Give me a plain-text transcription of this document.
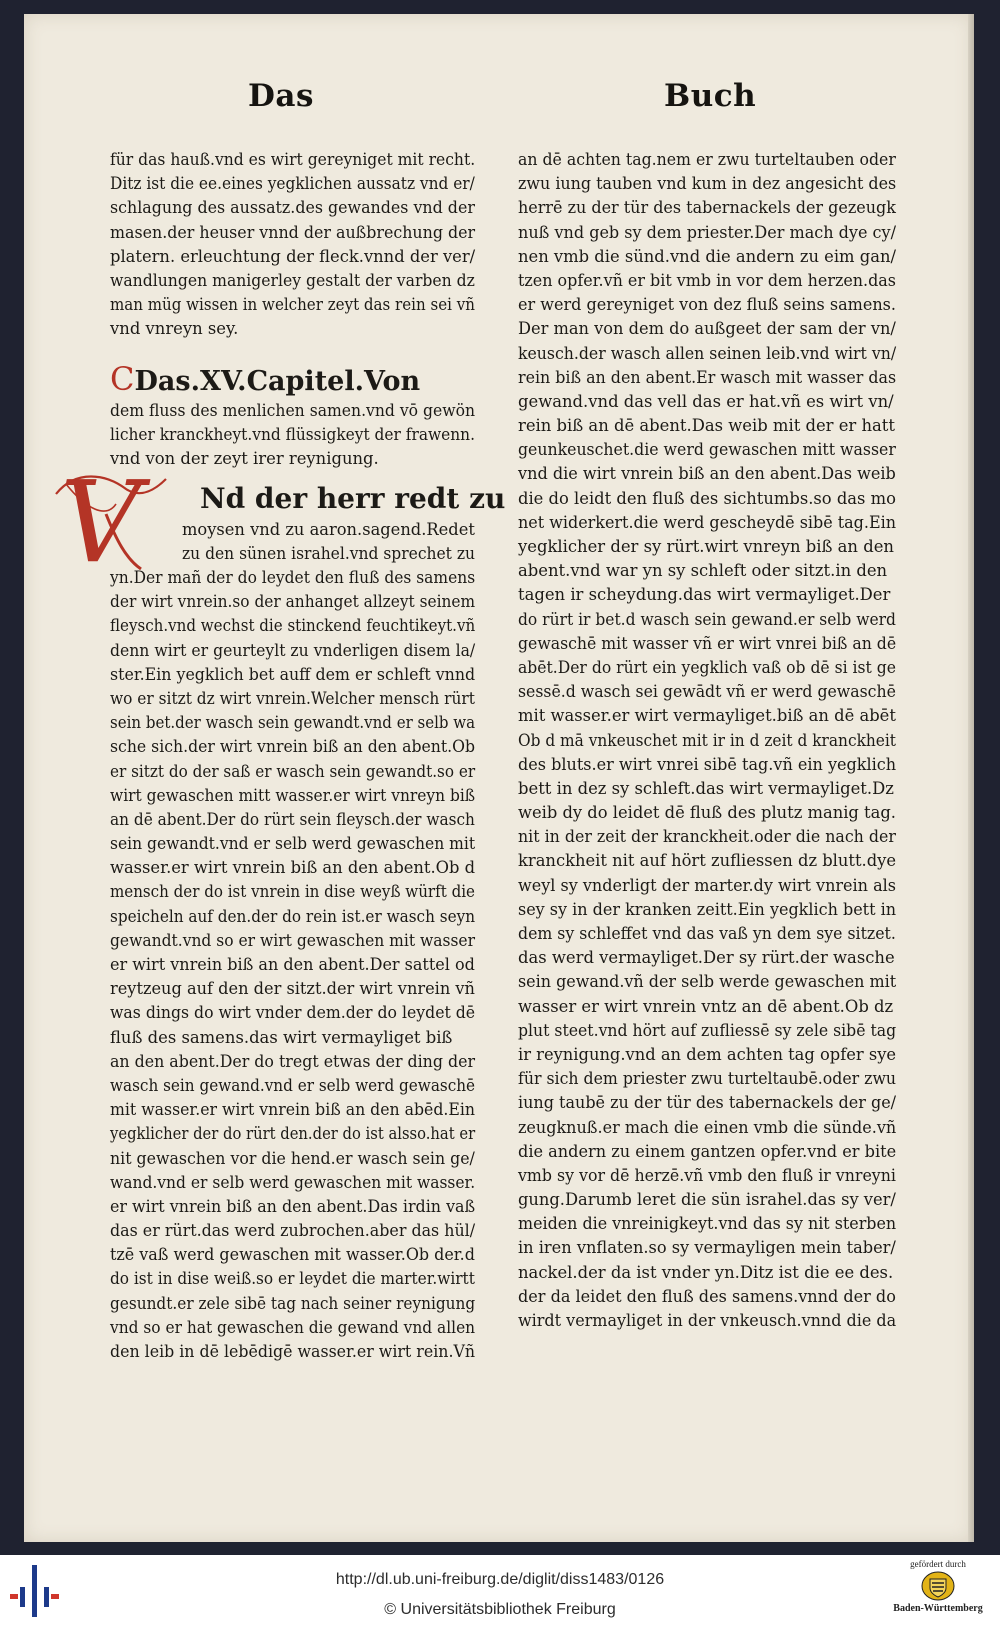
Das	Buch
für das hauß.vnd es wirt gereyniget mit recht.
Ditz ist die ee.eines yegklichen aussatz vnd er/
schlagung des aussatz.des gewandes vnd der
masen.der heuser vnnd der außbrechung der
platern. erleuchtung der fleck.vnnd der ver/
wandlungen manigerley gestalt der varben dz
man müg wissen in welcher zeyt das rein sei vñ
vnd vnreyn sey.
CDas.XV.Capitel.Von
dem fluss des menlichen samen.vnd vō gewön
licher kranckheyt.vnd flüssigkeyt der frawenn.
vnd von der zeyt irer reynigung.
V Nd der herr redt zu
moysen vnd zu aaron.sagend.Redet
zu den sünen israhel.vnd sprechet zu
yn.Der mañ der do leydet den fluß des samens
der wirt vnrein.so der anhanget allzeyt seinem
fleysch.vnd wechst die stinckend feuchtikeyt.vñ
denn wirt er geurteylt zu vnderligen disem la/
ster.Ein yegklich bet auff dem er schleft vnnd
wo er sitzt dz wirt vnrein.Welcher mensch rürt
sein bet.der wasch sein gewandt.vnd er selb wa
sche sich.der wirt vnrein biß an den abent.Ob
er sitzt do der saß er wasch sein gewandt.so er
wirt gewaschen mitt wasser.er wirt vnreyn biß
an dē abent.Der do rürt sein fleysch.der wasch
sein gewandt.vnd er selb werd gewaschen mit
wasser.er wirt vnrein biß an den abent.Ob d
mensch der do ist vnrein in dise weyß würft die
speicheln auf den.der do rein ist.er wasch seyn
gewandt.vnd so er wirt gewaschen mit wasser
er wirt vnrein biß an den abent.Der sattel od
reytzeug auf den der sitzt.der wirt vnrein vñ
was dings do wirt vnder dem.der do leydet dē
fluß des samens.das wirt vermayliget biß
an den abent.Der do tregt etwas der ding der
wasch sein gewand.vnd er selb werd gewaschē
mit wasser.er wirt vnrein biß an den abēd.Ein
yegklicher der do rürt den.der do ist alsso.hat er
nit gewaschen vor die hend.er wasch sein ge/
wand.vnd er selb werd gewaschen mit wasser.
er wirt vnrein biß an den abent.Das irdin vaß
das er rürt.das werd zubrochen.aber das hül/
tzē vaß werd gewaschen mit wasser.Ob der.d
do ist in dise weiß.so er leydet die marter.wirtt
gesundt.er zele sibē tag nach seiner reynigung
vnd so er hat gewaschen die gewand vnd allen
den leib in dē lebēdigē wasser.er wirt rein.Vñ
an dē achten tag.nem er zwu turteltauben oder
zwu iung tauben vnd kum in dez angesicht des
herrē zu der tür des tabernackels der gezeugk
nuß vnd geb sy dem priester.Der mach dye cy/
nen vmb die sünd.vnd die andern zu eim gan/
tzen opfer.vñ er bit vmb in vor dem herzen.das
er werd gereyniget von dez fluß seins samens.
Der man von dem do außgeet der sam der vn/
keusch.der wasch allen seinen leib.vnd wirt vn/
rein biß an den abent.Er wasch mit wasser das
gewand.vnd das vell das er hat.vñ es wirt vn/
rein biß an dē abent.Das weib mit der er hatt
geunkeuschet.die werd gewaschen mitt wasser
vnd die wirt vnrein biß an den abent.Das weib
die do leidt den fluß des sichtumbs.so das mo
net widerkert.die werd gescheydē sibē tag.Ein
yegklicher der sy rürt.wirt vnreyn biß an den
abent.vnd war yn sy schleft oder sitzt.in den
tagen ir scheydung.das wirt vermayliget.Der
do rürt ir bet.d wasch sein gewand.er selb werd
gewaschē mit wasser vñ er wirt vnrei biß an dē
abēt.Der do rürt ein yegklich vaß ob dē si ist ge
sessē.d wasch sei gewādt vñ er werd gewaschē
mit wasser.er wirt vermayliget.biß an dē abēt
Ob d mā vnkeuschet mit ir in d zeit d kranckheit
des bluts.er wirt vnrei sibē tag.vñ ein yegklich
bett in dez sy schleft.das wirt vermayliget.Dz
weib dy do leidet dē fluß des plutz manig tag.
nit in der zeit der kranckheit.oder die nach der
kranckheit nit auf hört zufliessen dz blutt.dye
weyl sy vnderligt der marter.dy wirt vnrein als
sey sy in der kranken zeitt.Ein yegklich bett in
dem sy schleffet vnd das vaß yn dem sye sitzet.
das werd vermayliget.Der sy rürt.der wasche
sein gewand.vñ der selb werde gewaschen mit
wasser er wirt vnrein vntz an dē abent.Ob dz
plut steet.vnd hört auf zufliessē sy zele sibē tag
ir reynigung.vnd an dem achten tag opfer sye
für sich dem priester zwu turteltaubē.oder zwu
iung taubē zu der tür des tabernackels der ge/
zeugknuß.er mach die einen vmb die sünde.vñ
die andern zu einem gantzen opfer.vnd er bite
vmb sy vor dē herzē.vñ vmb den fluß ir vnreyni
gung.Darumb leret die sün israhel.das sy ver/
meiden die vnreinigkeyt.vnd das sy nit sterben
in iren vnflaten.so sy vermayligen mein taber/
nackel.der da ist vnder yn.Ditz ist die ee des.
der da leidet den fluß des samens.vnnd der do
wirdt vermayliget in der vnkeusch.vnnd die da
http://dl.ub.uni-freiburg.de/diglit/diss1483/0126
© Universitätsbibliothek Freiburg
gefördert durch
Baden-Württemberg
